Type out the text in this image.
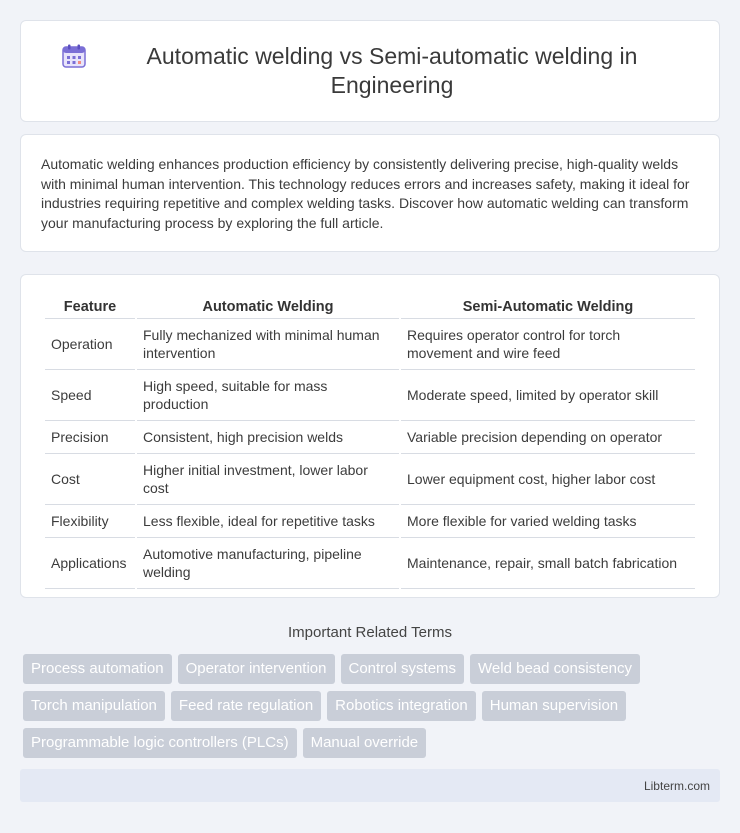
Automatic welding vs Semi-automatic welding in Engineering

Automatic welding enhances production efficiency by consistently delivering precise, high-quality welds with minimal human intervention. This technology reduces errors and increases safety, making it ideal for industries requiring repetitive and complex welding tasks. Discover how automatic welding can transform your manufacturing process by exploring the full article.

Feature	Automatic Welding	Semi-Automatic Welding
Operation	Fully mechanized with minimal human intervention	Requires operator control for torch movement and wire feed
Speed	High speed, suitable for mass production	Moderate speed, limited by operator skill
Precision	Consistent, high precision welds	Variable precision depending on operator
Cost	Higher initial investment, lower labor cost	Lower equipment cost, higher labor cost
Flexibility	Less flexible, ideal for repetitive tasks	More flexible for varied welding tasks
Applications	Automotive manufacturing, pipeline welding	Maintenance, repair, small batch fabrication
Important Related Terms
Process automation	Operator intervention	Control systems	Weld bead consistency
Torch manipulation	Feed rate regulation	Robotics integration	Human supervision
Programmable logic controllers (PLCs)	Manual override
Libterm.com
